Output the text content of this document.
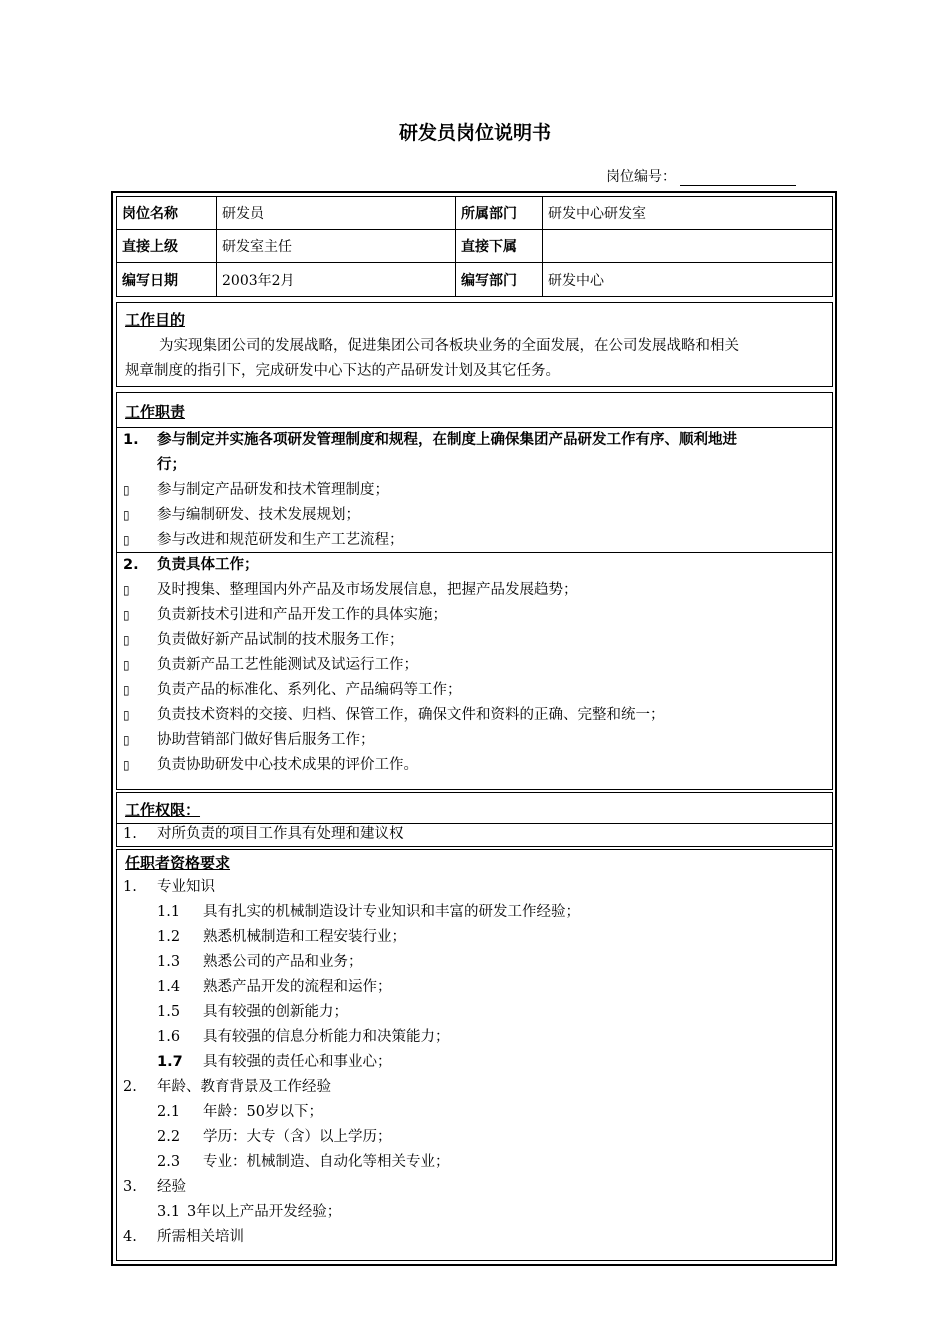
研发员岗位说明书
岗位编号：
岗位名称	研发员	所属部门	研发中心研发室
直接上级	研发室主任	直接下属
编写日期	2003年2月	编写部门	研发中心
工作目的
为实现集团公司的发展战略，促进集团公司各板块业务的全面发展，在公司发展战略和相关
规章制度的指引下，完成研发中心下达的产品研发计划及其它任务。
工作职责
1. 参与制定并实施各项研发管理制度和规程，在制度上确保集团产品研发工作有序、顺利地进
行；
▯ 参与制定产品研发和技术管理制度；
▯ 参与编制研发、技术发展规划；
▯ 参与改进和规范研发和生产工艺流程；
2. 负责具体工作；
▯ 及时搜集、整理国内外产品及市场发展信息，把握产品发展趋势；
▯ 负责新技术引进和产品开发工作的具体实施；
▯ 负责做好新产品试制的技术服务工作；
▯ 负责新产品工艺性能测试及试运行工作；
▯ 负责产品的标准化、系列化、产品编码等工作；
▯ 负责技术资料的交接、归档、保管工作，确保文件和资料的正确、完整和统一；
▯ 协助营销部门做好售后服务工作；
▯ 负责协助研发中心技术成果的评价工作。
工作权限：
1. 对所负责的项目工作具有处理和建议权
任职者资格要求
1. 专业知识
1.1 具有扎实的机械制造设计专业知识和丰富的研发工作经验；
1.2 熟悉机械制造和工程安装行业；
1.3 熟悉公司的产品和业务；
1.4 熟悉产品开发的流程和运作；
1.5 具有较强的创新能力；
1.6 具有较强的信息分析能力和决策能力；
1.7 具有较强的责任心和事业心；
2. 年龄、教育背景及工作经验
2.1 年龄：50岁以下；
2.2 学历：大专（含）以上学历；
2.3 专业：机械制造、自动化等相关专业；
3. 经验
3.1 3年以上产品开发经验；
4. 所需相关培训
